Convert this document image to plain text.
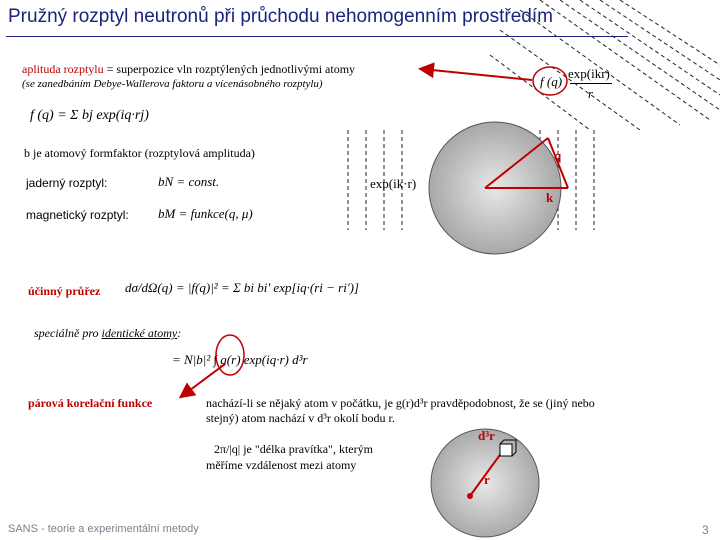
Pružný rozptyl neutronů při průchodu nehomogenním prostředím
aplituda rozptylu = superpozice vln rozptýlených jednotlivými atomy
(se zanedbáním Debye-Wallerova faktoru a vícenásobného rozptylu)	f (q)
exp(ikr)
r
f (q) = Σ bj exp(iq·rj)
b je atomový formfaktor (rozptylová amplituda)	q
k
exp(ik·r)
jaderný rozptyl:	bN = const.
magnetický rozptyl: bM = funkce(q, μ)
účinný průřez dσ/dΩ(q) = |f(q)|² = Σ bi bi' exp[iq·(ri − ri')]
speciálně pro identické atomy:
= N|b|² ∫ g(r) exp(iq·r) d³r
párová korelační funkce	nachází-li se nějaký atom v počátku, je g(r)d³r pravděpodobnost, že se (jiný nebo
stejný) atom nachází v d³r okolí bodu r.
2π/|q| je "délka pravítka", kterým
měříme vzdálenost mezi atomy
d³r
r
SANS - teorie a experimentální metody	3
